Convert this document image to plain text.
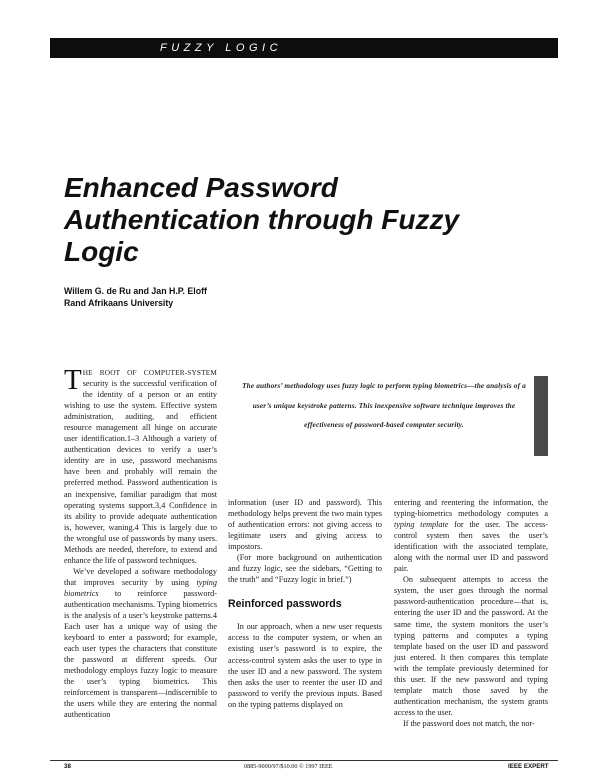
FUZZY LOGIC
Enhanced Password Authentication through Fuzzy Logic
Willem G. de Ru and Jan H.P. Eloff
Rand Afrikaans University
The authors’ methodology uses fuzzy logic to perform typing biometrics—the analysis of a user’s unique keystroke patterns. This inexpensive software technique improves the effectiveness of password-based computer security.

THE ROOT OF COMPUTER-SYSTEM security is the successful verification of the identity of a person or an entity wishing to use the system. Effective system administration, auditing, and efficient resource management all hinge on accurate user identification.1–3 Although a variety of authentication devices to verify a user’s identity are in use, password mechanisms have been and probably will remain the preferred method. Password authentication is an inexpensive, familiar paradigm that most operating systems support.3,4 Confidence in its ability to provide adequate authentication is, however, waning.4 This is largely due to the wrongful use of passwords by many users. Methods are needed, therefore, to extend and enhance the life of password techniques.

We’ve developed a software methodology that improves security by using typing biometrics to reinforce password-authentication mechanisms. Typing biometrics is the analysis of a user’s keystroke patterns.4 Each user has a unique way of using the keyboard to enter a password; for example, each user types the characters that constitute the password at different speeds. Our methodology employs fuzzy logic to measure the user’s typing biometrics. This reinforcement is transparent—indiscernible to the users while they are entering the normal authentication

information (user ID and password). This methodology helps prevent the two main types of authentication errors: not giving access to legitimate users and giving access to impostors.

(For more background on authentication and fuzzy logic, see the sidebars, “Getting to the truth” and “Fuzzy logic in brief.”)

Reinforced passwords

In our approach, when a new user requests access to the computer system, or when an existing user’s password is to expire, the access-control system asks the user to type in the user ID and a new password. The system then asks the user to reenter the user ID and password to verify the previous inputs. Based on the typing patterns displayed on

entering and reentering the information, the typing-biometrics methodology computes a typing template for the user. The access-control system then saves the user’s identification with the associated template, along with the normal user ID and password pair.

On subsequent attempts to access the system, the user goes through the normal password-authentication procedure—that is, entering the user ID and the password. At the same time, the system monitors the user’s typing patterns and computes a typing template based on the user ID and password just entered. It then compares this template with the template previously determined for this user. If the new password and typing template match those saved by the authentication mechanism, the system grants access to the user.

If the password does not match, the nor-

38	0885-9000/97/$10.00 © 1997 IEEE	IEEE EXPERT
